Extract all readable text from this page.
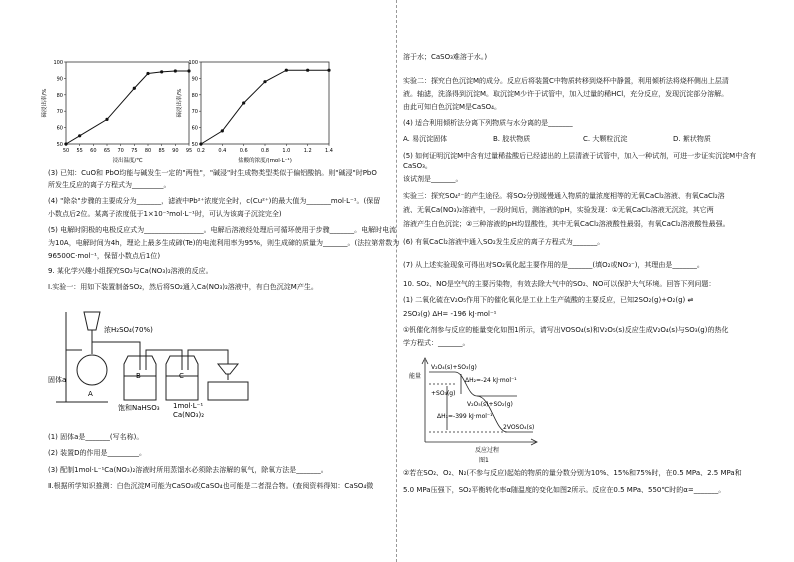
50
60
70
80
90
100
50 55 60 65 70 75 80 85 90 95
浸出温度/℃
碲浸出率/%
50
60
70
80
90
100
0.2	0.4	0.6	0.8	1.0	1.2	1.4
盐酸的浓度/(mol·L⁻¹)
碲浸出率/%
(3) 已知：CuO和 PbO均能与碱发生一定的"两性"，"碱浸"时生成物类型类似于偏铝酸钠。则"碱浸"时PbO
所发生反应的离子方程式为_________。
(4) "除杂"步骤的主要成分为_______，滤液中Pb²⁺浓度完全时，c(Cu²⁺)的最大值为_______mol·L⁻¹。(保留
小数点后2位。某离子浓度低于1×10⁻⁵mol·L⁻¹时，可认为该离子沉淀完全)
(5) 电解时阴极的电极反应式为_________________。电解后溶液经处理后可循环使用于步骤_______。电解时电流
为10A，电解时间为4h，理论上最多生成碲(Te)的电流利用率为95%，则生成碲的质量为_______。(法拉第常数为
96500C·mol⁻¹，保留小数点后1位)
9. 某化学兴趣小组探究SO₂与Ca(NO₃)₂溶液的反应。
Ⅰ.实验一：用如下装置制备SO₂，然后将SO₂通入Ca(NO₃)₂溶液中，有白色沉淀M产生。
浓H₂SO₄(70%)
固体a
A
B
饱和NaHSO₃
C
1mol·L⁻¹
Ca(NO₃)₂
(1) 固体a是_______(写名称)。
(2) 装置D的作用是_________。
(3) 配制1mol·L⁻¹Ca(NO₃)₂溶液时所用蒸馏水必须除去溶解的氧气，除氧方法是_______。
Ⅱ.根据所学知识推测：白色沉淀M可能为CaSO₃或CaSO₄也可能是二者混合物。(查阅资料得知：CaSO₄微
溶于水；CaSO₃难溶于水。)
实验二：探究白色沉淀M的成分。反应后将装置C中物质转移到烧杯中静置，利用倾析法将烧杯侧出上层清
液。轴滤，洗涤得到沉淀M。取沉淀M少许于试管中，加入过量的稀HCl，充分反应，发现沉淀部分溶解。
由此可知白色沉淀M是CaSO₄。
(4) 适合利用倾析法分离下列物质与水分离的是_______
A. 易沉淀固体	B. 胶状物质	C. 大颗粒沉淀	D. 絮状物质
(5) 如何证明沉淀M中含有过量稀盐酸后已经滤出的上层清液于试管中，加入一种试剂，可进一步证实沉淀M中含有CaSO₃。
该试剂是_______。
实验三：探究SO₄²⁻的产生途径。将SO₂分别缓慢通入物质的量浓度相等的无氧CaCl₂溶液、有氧CaCl₂溶
液、无氧Ca(NO₃)₂溶液中，一段时间后，测溶液的pH，实验发现：①无氧CaCl₂溶液无沉淀，其它两
溶液产生白色沉淀；②三种溶液的pH均显酸性，其中无氧CaCl₂溶液酸性最弱，有氧CaCl₂溶液酸性最强。
(6) 有氧CaCl₂溶液中通入SO₂发生反应的离子方程式为_______。
(7) 从上述实验现象可得出对SO₂氧化起主要作用的是_______(填O₂或NO₃⁻)，其理由是_______。
10. SO₂、NO是空气的主要污染物，有效去除大气中的SO₂、NO可以保护大气环境。回答下列问题：
(1) 二氧化硫在V₂O₅作用下的催化氧化是工业上生产硫酸的主要反应，已知2SO₂(g)+O₂(g) ⇌
2SO₃(g) ΔH= -196 kJ·mol⁻¹
①钒催化剂参与反应的能量变化如图1所示，请写出VOSO₄(s)和V₂O₅(s)反应生成V₂O₄(s)与SO₃(g)的热化
学方程式：_______。
能量
V₂O₄(s)+SO₃(g)
ΔH₂=-24 kJ·mol⁻¹
+SO₃(g)
V₂O₅(s)+SO₂(g)
ΔH₁=-399 kJ·mol⁻¹
2VOSO₄(s)
反应过程
图1
②若在SO₂、O₂、N₂(不参与反应)起始的物质的量分数分别为10%、15%和75%时，在0.5 MPa、2.5 MPa和
5.0 MPa压强下，SO₂平衡转化率α随温度的变化如图2所示。反应在0.5 MPa、550℃时的α=_______。
